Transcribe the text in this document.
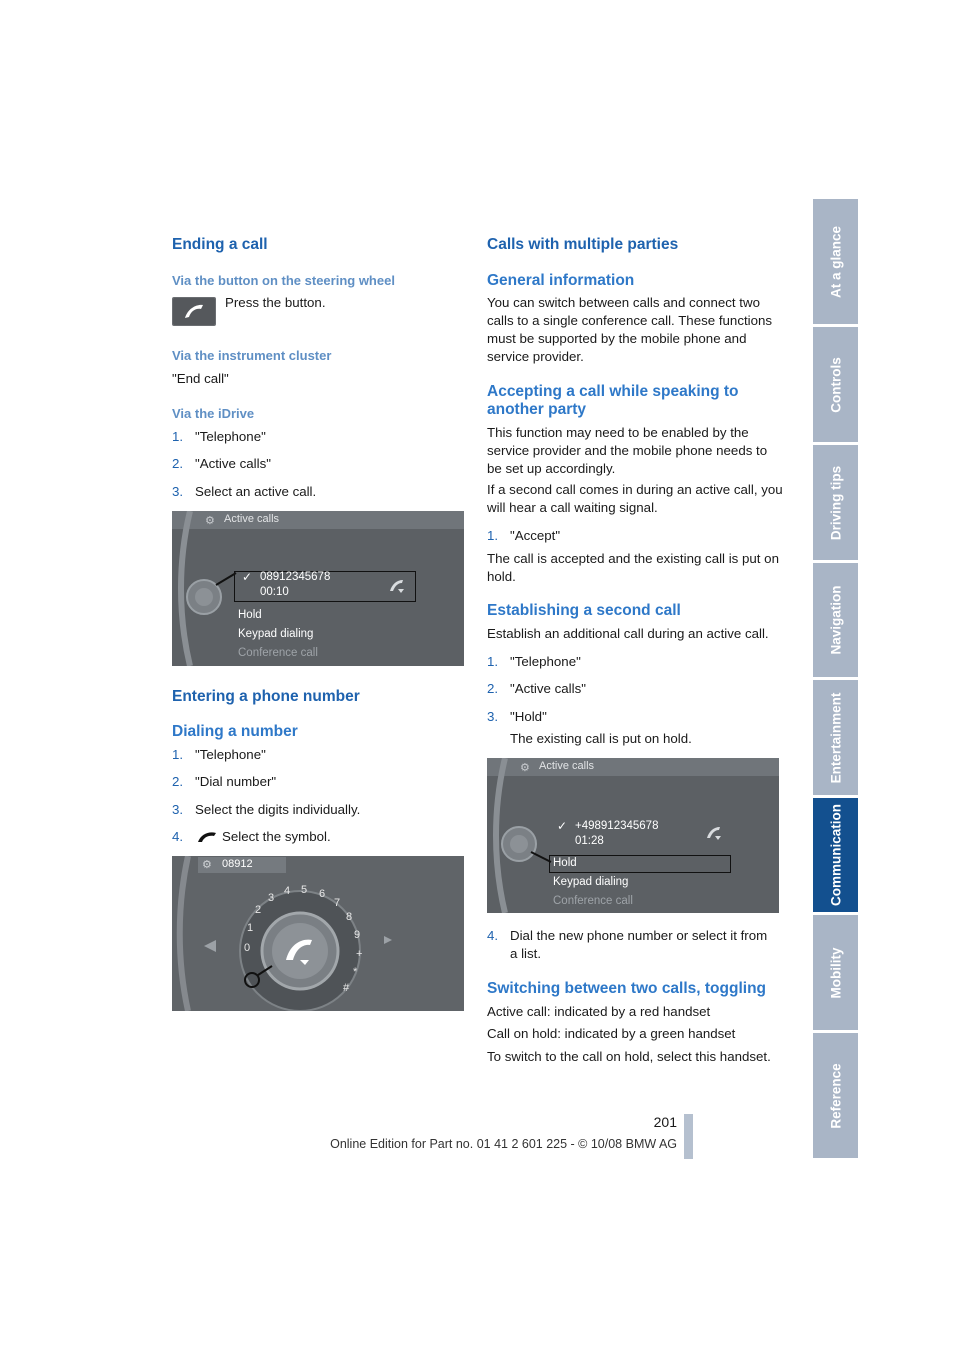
Ending a call
Via the button on the steering wheel
Press the button.
Via the instrument cluster
"End call"
Via the iDrive
1. "Telephone"
2. "Active calls"
3. Select an active call.
⚙ Active calls
✓ 08912345678
00:10
Hold
Keypad dialing
Conference call
Entering a phone number
Dialing a number
1. "Telephone"
2. "Dial number"
3. Select the digits individually.
4.	Select the symbol.
⚙ 08912
0
1
2
3
4 5 6
7
8
9
+
*
#
Calls with multiple parties
General information
You can switch between calls and connect two calls to a single conference call. These functions must be supported by the mobile phone and service provider.
Accepting a call while speaking to
another party
This function may need to be enabled by the service provider and the mobile phone needs to be set up accordingly.
If a second call comes in during an active call, you will hear a call waiting signal.
1. "Accept"
The call is accepted and the existing call is put on hold.
Establishing a second call
Establish an additional call during an active call.
1. "Telephone"
2. "Active calls"
3. "Hold"
The existing call is put on hold.
⚙ Active calls
✓ +498912345678
01:28
Hold
Keypad dialing
Conference call
4. Dial the new phone number or select it from
a list.
Switching between two calls, toggling
Active call: indicated by a red handset
Call on hold: indicated by a green handset
To switch to the call on hold, select this handset.
201
Online Edition for Part no. 01 41 2 601 225 - © 10/08 BMW AG
At a glance
Controls
Driving tips
Navigation
Entertainment
Communication
Mobility
Reference
